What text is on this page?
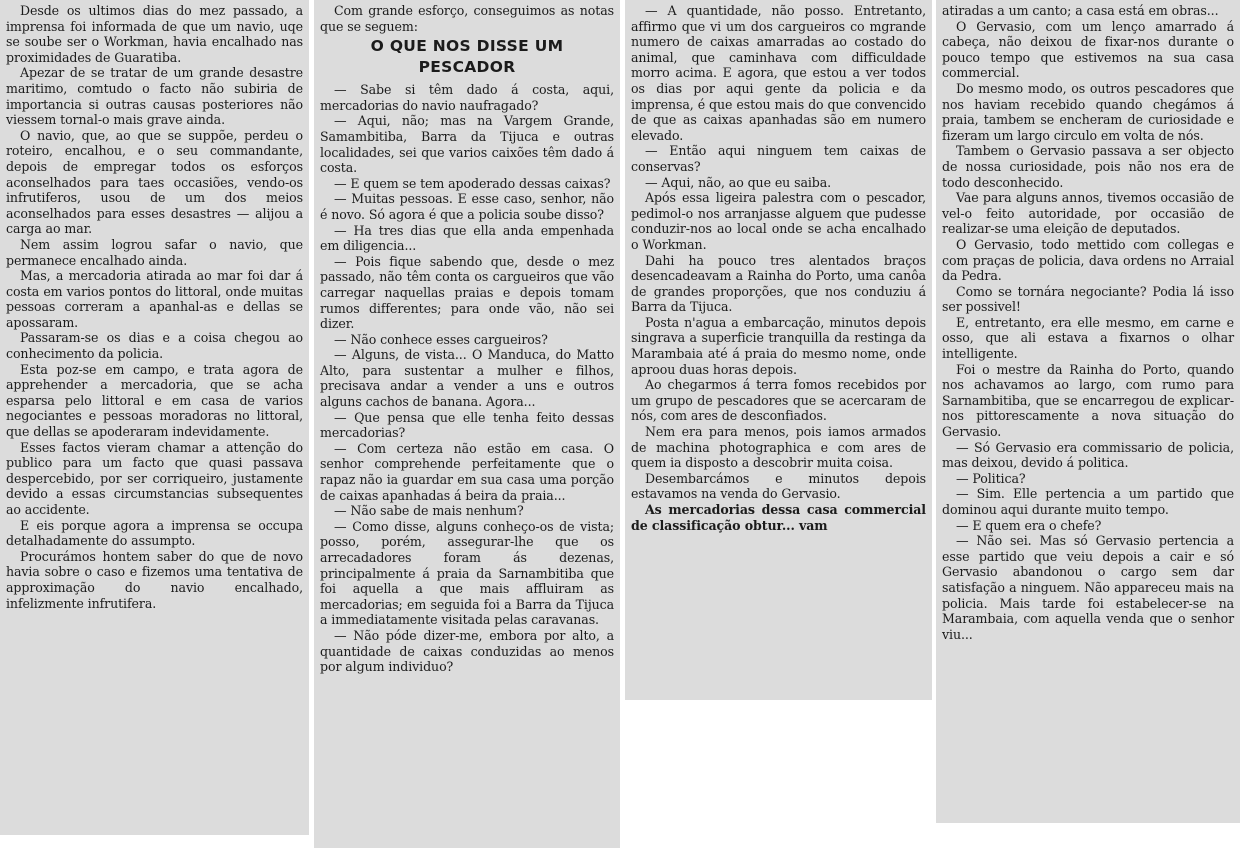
Desde os ultimos dias do mez passado, a imprensa foi informada de que um navio, uqe se soube ser o Workman, havia encalhado nas proximidades de Guaratiba.

Apezar de se tratar de um grande desastre maritimo, comtudo o facto não subiria de importancia si outras causas posteriores não viessem tornal-o mais grave ainda.

O navio, que, ao que se suppõe, perdeu o roteiro, encalhou, e o seu commandante, depois de empregar todos os esforços aconselhados para taes occasiões, vendo-os infrutiferos, usou de um dos meios aconselhados para esses desastres — alijou a carga ao mar.

Nem assim logrou safar o navio, que permanece encalhado ainda.

Mas, a mercadoria atirada ao mar foi dar á costa em varios pontos do littoral, onde muitas pessoas correram a apanhal-as e dellas se apossaram.

Passaram-se os dias e a coisa chegou ao conhecimento da policia.

Esta poz-se em campo, e trata agora de apprehender a mercadoria, que se acha esparsa pelo littoral e em casa de varios negociantes e pessoas moradoras no littoral, que dellas se apoderaram indevidamente.

Esses factos vieram chamar a attenção do publico para um facto que quasi passava despercebido, por ser corriqueiro, justamente devido a essas circumstancias subsequentes ao accidente.

E eis porque agora a imprensa se occupa detalhadamente do assumpto.

Procurámos hontem saber do que de novo havia sobre o caso e fizemos uma tentativa de approximação do navio encalhado, infelizmente infrutifera.

Com grande esforço, conseguimos as notas que se seguem:

O QUE NOS DISSE UM PESCADOR

— Sabe si têm dado á costa, aqui, mercadorias do navio naufragado?

— Aqui, não; mas na Vargem Grande, Samambitiba, Barra da Tijuca e outras localidades, sei que varios caixões têm dado á costa.

— E quem se tem apoderado dessas caixas?

— Muitas pessoas. E esse caso, senhor, não é novo. Só agora é que a policia soube disso?

— Ha tres dias que ella anda empenhada em diligencia...

— Pois fique sabendo que, desde o mez passado, não têm conta os cargueiros que vão carregar naquellas praias e depois tomam rumos differentes; para onde vão, não sei dizer.

— Não conhece esses cargueiros?

— Alguns, de vista... O Manduca, do Matto Alto, para sustentar a mulher e filhos, precisava andar a vender a uns e outros alguns cachos de banana. Agora...

— Que pensa que elle tenha feito dessas mercadorias?

— Com certeza não estão em casa. O senhor comprehende perfeitamente que o rapaz não ia guardar em sua casa uma porção de caixas apanhadas á beira da praia...

— Não sabe de mais nenhum?

— Como disse, alguns conheço-os de vista; posso, porém, assegurar-lhe que os arrecadadores foram ás dezenas, principalmente á praia da Sarnambitiba que foi aquella a que mais affluiram as mercadorias; em seguida foi a Barra da Tijuca a immediatamente visitada pelas caravanas.

— Não póde dizer-me, embora por alto, a quantidade de caixas conduzidas ao menos por algum individuo?

— A quantidade, não posso. Entretanto, affirmo que vi um dos cargueiros co mgrande numero de caixas amarradas ao costado do animal, que caminhava com difficuldade morro acima. E agora, que estou a ver todos os dias por aqui gente da policia e da imprensa, é que estou mais do que convencido de que as caixas apanhadas são em numero elevado.

— Então aqui ninguem tem caixas de conservas?

— Aqui, não, ao que eu saiba.

Após essa ligeira palestra com o pescador, pedimol-o nos arranjasse alguem que pudesse conduzir-nos ao local onde se acha encalhado o Workman.

Dahi ha pouco tres alentados braços desencadeavam a Rainha do Porto, uma canôa de grandes proporções, que nos conduziu á Barra da Tijuca.

Posta n'agua a embarcação, minutos depois singrava a superficie tranquilla da restinga da Marambaia até á praia do mesmo nome, onde aproou duas horas depois.

Ao chegarmos á terra fomos recebidos por um grupo de pescadores que se acercaram de nós, com ares de desconfiados.

Nem era para menos, pois iamos armados de machina photographica e com ares de quem ia disposto a descobrir muita coisa.

Desembarcámos e minutos depois estavamos na venda do Gervasio.

As mercadorias dessa casa commercial de classificação obtur... vam

atiradas a um canto; a casa está em obras...

O Gervasio, com um lenço amarrado á cabeça, não deixou de fixar-nos durante o pouco tempo que estivemos na sua casa commercial.

Do mesmo modo, os outros pescadores que nos haviam recebido quando chegámos á praia, tambem se encheram de curiosidade e fizeram um largo circulo em volta de nós.

Tambem o Gervasio passava a ser objecto de nossa curiosidade, pois não nos era de todo desconhecido.

Vae para alguns annos, tivemos occasião de vel-o feito autoridade, por occasião de realizar-se uma eleição de deputados.

O Gervasio, todo mettido com collegas e com praças de policia, dava ordens no Arraial da Pedra.

Como se tornára negociante? Podia lá isso ser possivel!

E, entretanto, era elle mesmo, em carne e osso, que ali estava a fixarnos o olhar intelligente.

Foi o mestre da Rainha do Porto, quando nos achavamos ao largo, com rumo para Sarnambitiba, que se encarregou de explicar-nos pittorescamente a nova situação do Gervasio.

— Só Gervasio era commissario de policia, mas deixou, devido á politica.

— Politica?

— Sim. Elle pertencia a um partido que dominou aqui durante muito tempo.

— E quem era o chefe?

— Não sei. Mas só Gervasio pertencia a esse partido que veiu depois a cair e só Gervasio abandonou o cargo sem dar satisfação a ninguem. Não appareceu mais na policia. Mais tarde foi estabelecer-se na Marambaia, com aquella venda que o senhor viu...
